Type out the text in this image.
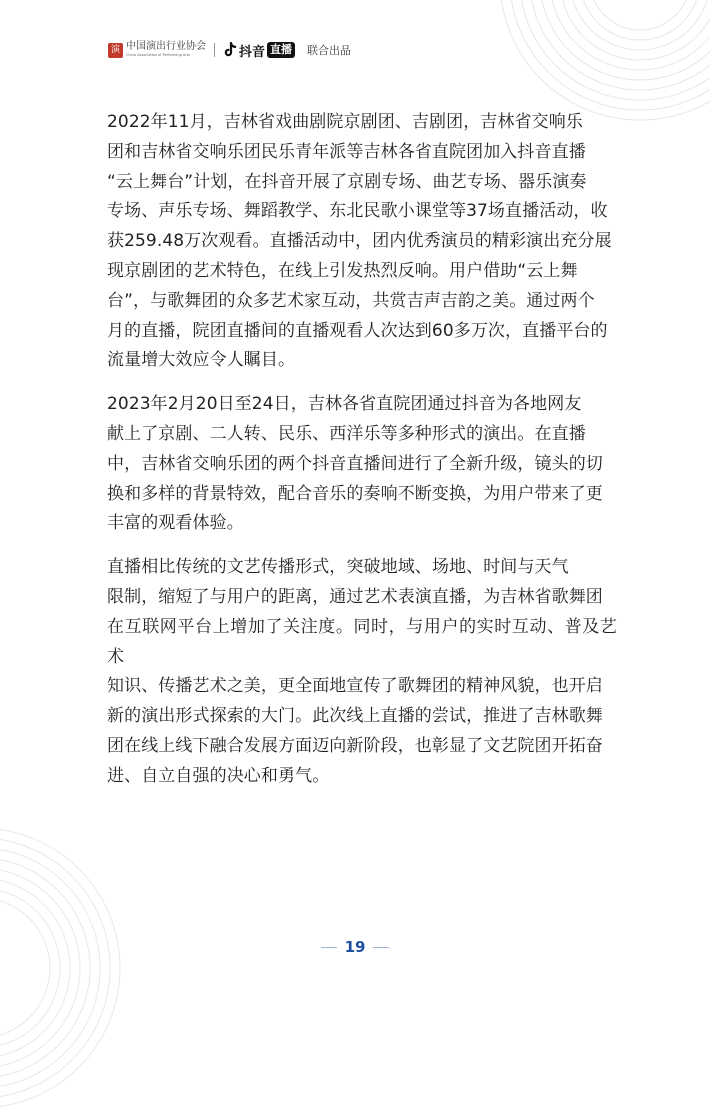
演 中国演出行业协会
China Association of Performing Arts	抖音 直播 联合出品

2022年11月，吉林省戏曲剧院京剧团、吉剧团，吉林省交响乐
团和吉林省交响乐团民乐青年派等吉林各省直院团加入抖音直播
“云上舞台”计划，在抖音开展了京剧专场、曲艺专场、器乐演奏
专场、声乐专场、舞蹈教学、东北民歌小课堂等37场直播活动，收
获259.48万次观看。直播活动中，团内优秀演员的精彩演出充分展
现京剧团的艺术特色，在线上引发热烈反响。用户借助“云上舞
台”，与歌舞团的众多艺术家互动，共赏吉声吉韵之美。通过两个
月的直播，院团直播间的直播观看人次达到60多万次，直播平台的
流量增大效应令人瞩目。

2023年2月20日至24日，吉林各省直院团通过抖音为各地网友
献上了京剧、二人转、民乐、西洋乐等多种形式的演出。在直播
中，吉林省交响乐团的两个抖音直播间进行了全新升级，镜头的切
换和多样的背景特效，配合音乐的奏响不断变换，为用户带来了更
丰富的观看体验。

直播相比传统的文艺传播形式，突破地域、场地、时间与天气
限制，缩短了与用户的距离，通过艺术表演直播，为吉林省歌舞团
在互联网平台上增加了关注度。同时，与用户的实时互动、普及艺术
知识、传播艺术之美，更全面地宣传了歌舞团的精神风貌，也开启
新的演出形式探索的大门。此次线上直播的尝试，推进了吉林歌舞
团在线上线下融合发展方面迈向新阶段，也彰显了文艺院团开拓奋
进、自立自强的决心和勇气。

19
